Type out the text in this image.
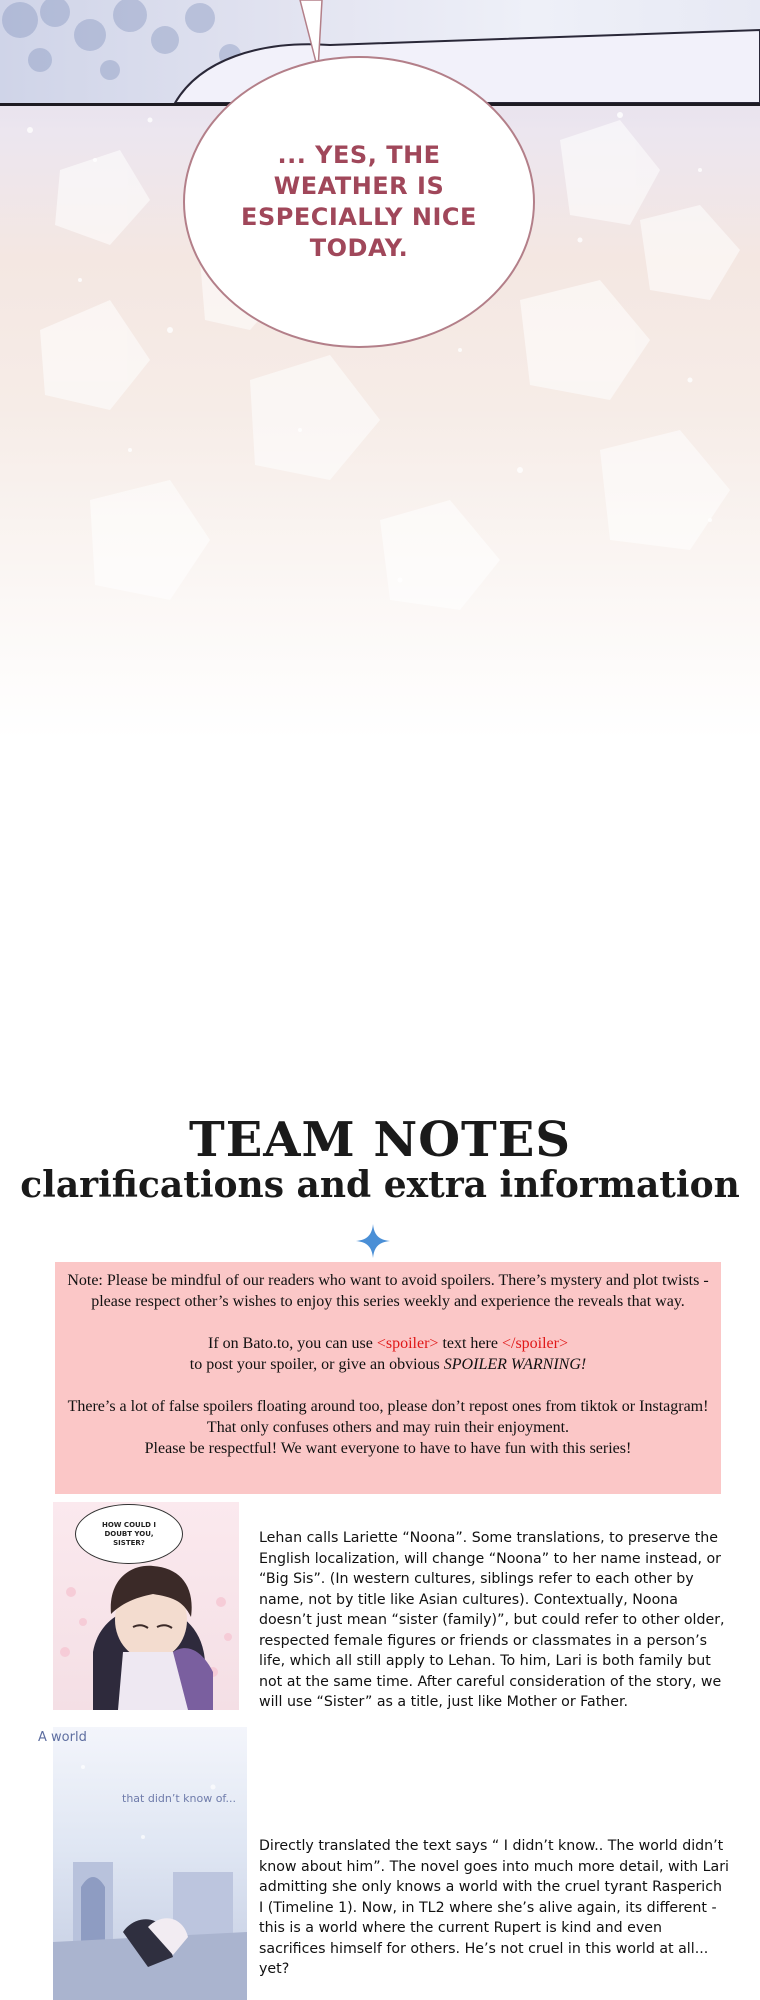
... YES, THE WEATHER IS ESPECIALLY NICE TODAY.
TEAM NOTES
clarifications and extra information

Note: Please be mindful of our readers who want to avoid spoilers. There’s mystery and plot twists - please respect other’s wishes to enjoy this series weekly and experience the reveals that way.

If on Bato.to, you can use <spoiler> text here </spoiler>

to post your spoiler, or give an obvious SPOILER WARNING!

There’s a lot of false spoilers floating around too, please don’t repost ones from tiktok or Instagram! That only confuses others and may ruin their enjoyment.

Please be respectful! We want everyone to have to have fun with this series!

HOW COULD I DOUBT YOU, SISTER?	Lehan calls Lariette “Noona”. Some translations, to preserve the English localization, will change “Noona” to her name instead, or “Big Sis”. (In western cultures, siblings refer to each other by name, not by title like Asian cultures). Contextually, Noona doesn’t just mean “sister (family)”, but could refer to other older, respected female figures or friends or classmates in a person’s life, which all still apply to Lehan. To him, Lari is both family but not at the same time. After careful consideration of the story, we will use “Sister” as a title, just like Mother or Father.

A world
that didn’t know of...

Directly translated the text says “ I didn’t know.. The world didn’t know about him”. The novel goes into much more detail, with Lari admitting she only knows a world with the cruel tyrant Rasperich I (Timeline 1). Now, in TL2 where she’s alive again, its different - this is a world where the current Rupert is kind and even sacrifices himself for others. He’s not cruel in this world at all... yet?
